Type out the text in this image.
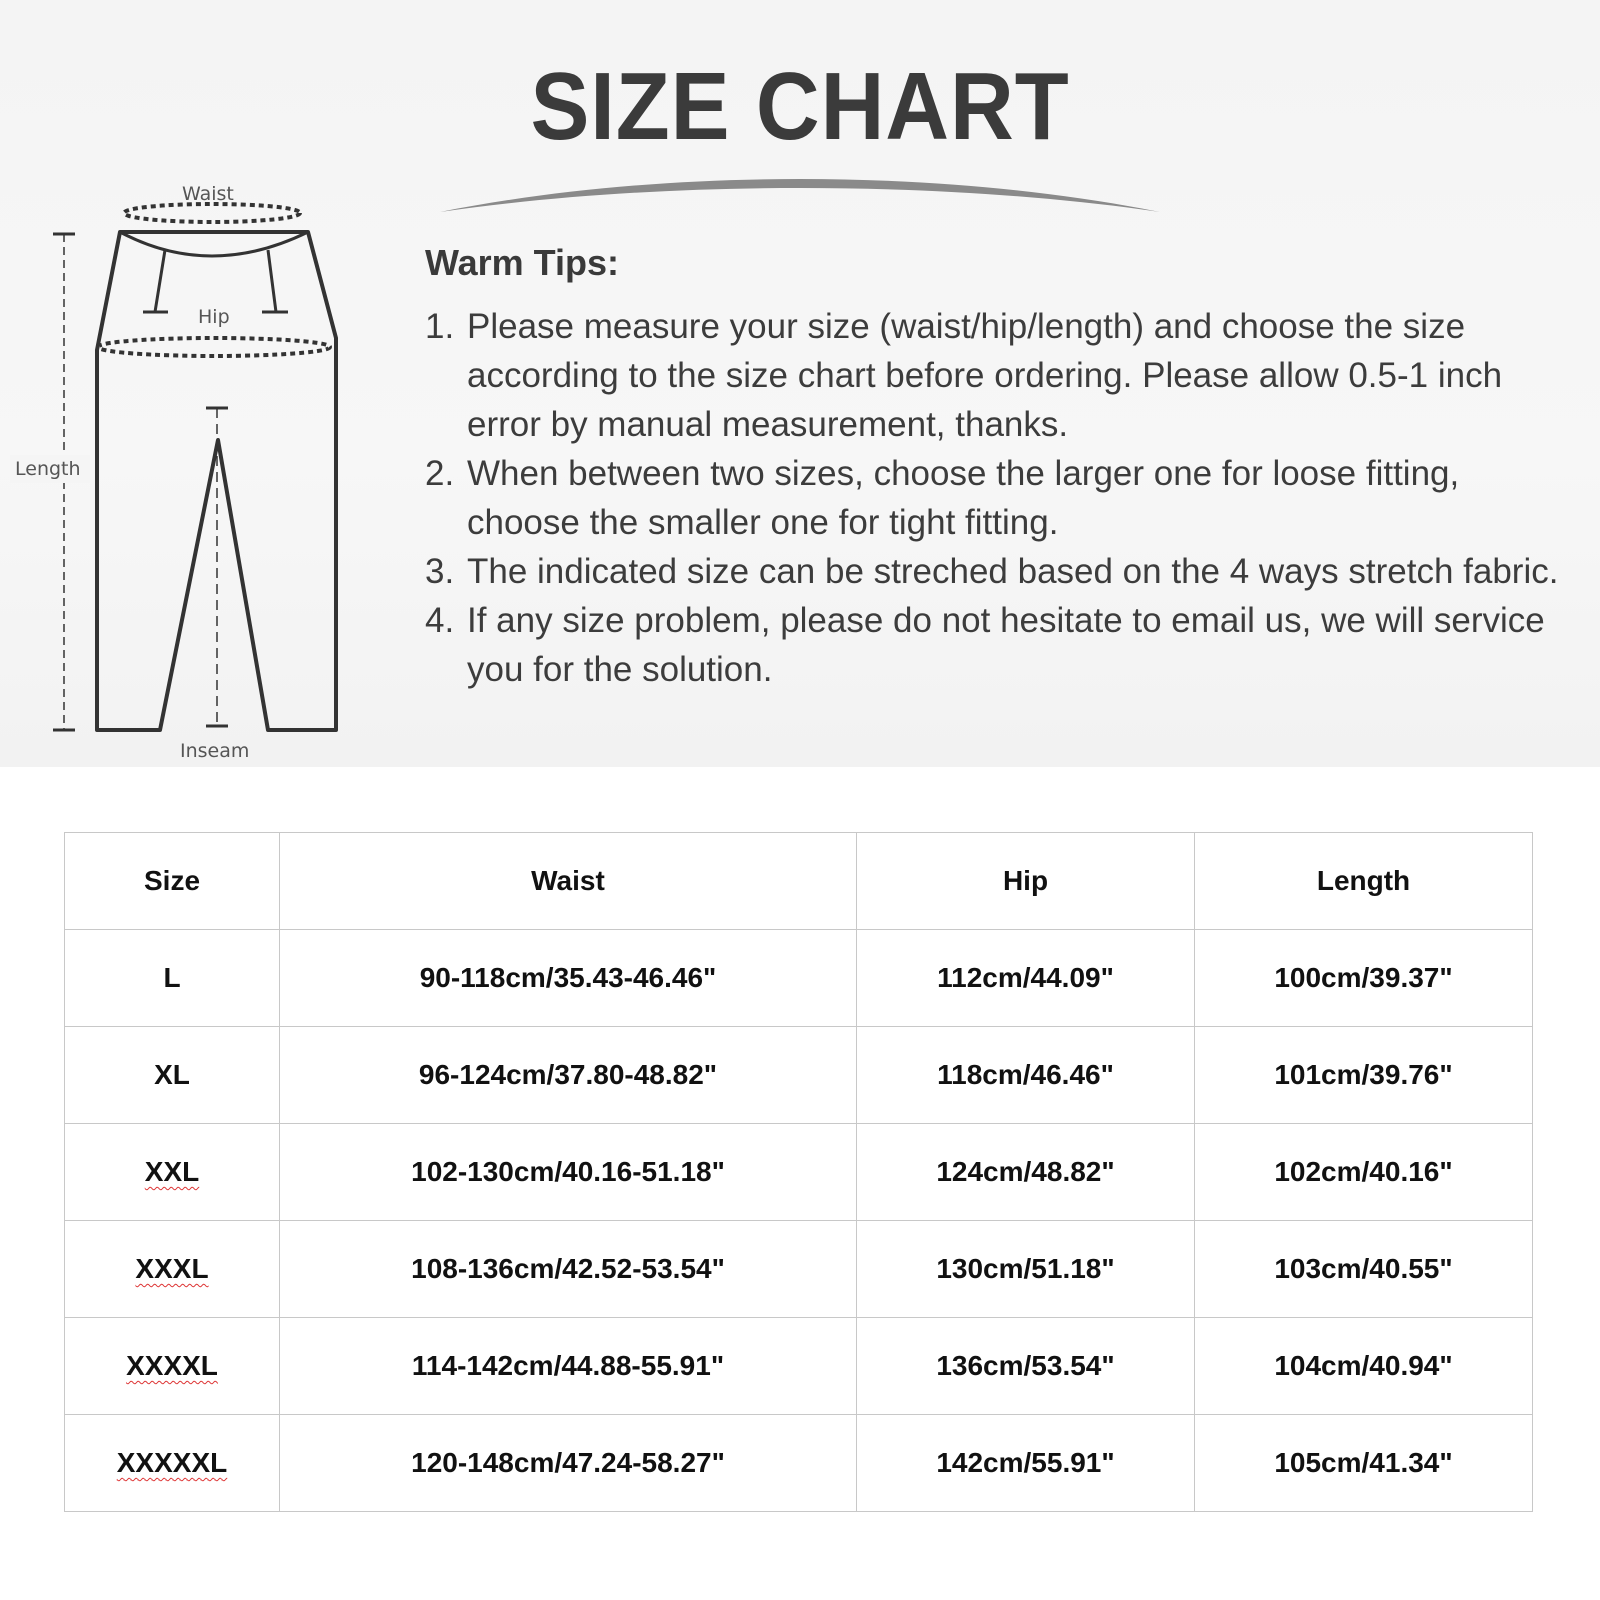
SIZE CHART
Waist
Hip
Length
Inseam
Warm Tips:
1. Please measure your size (waist/hip/length) and choose the size according to the size chart before ordering. Please allow 0.5-1 inch error by manual measurement, thanks.
2. When between two sizes, choose the larger one for loose fitting, choose the smaller one for tight fitting.
3. The indicated size can be streched based on the 4 ways stretch fabric.
4. If any size problem, please do not hesitate to email us, we will service you for the solution.
Size	Waist	Hip	Length
L	90-118cm/35.43-46.46"	112cm/44.09"	100cm/39.37"
XL	96-124cm/37.80-48.82"	118cm/46.46"	101cm/39.76"
XXL	102-130cm/40.16-51.18"	124cm/48.82"	102cm/40.16"
XXXL	108-136cm/42.52-53.54"	130cm/51.18"	103cm/40.55"
XXXXL	114-142cm/44.88-55.91"	136cm/53.54"	104cm/40.94"
XXXXXL	120-148cm/47.24-58.27"	142cm/55.91"	105cm/41.34"
